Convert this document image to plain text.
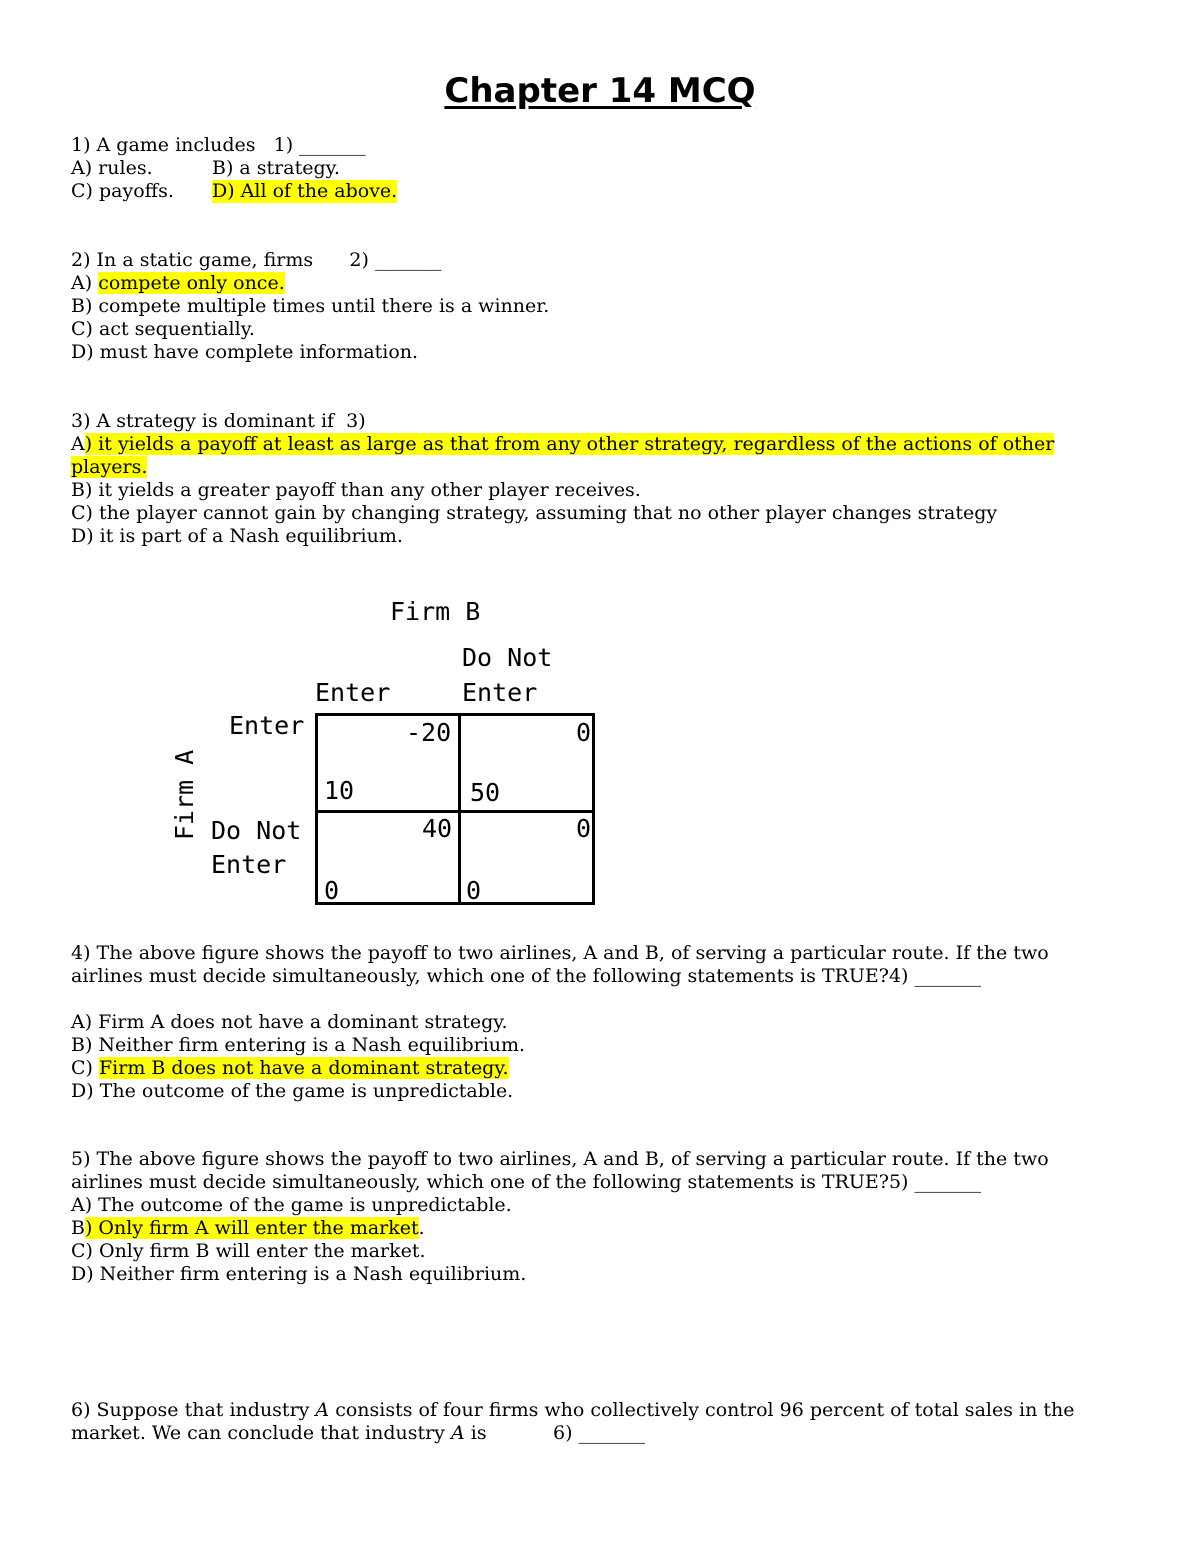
Chapter 14 MCQ
1) A game includes   1) _______
A) rules.	B) a strategy.
C) payoffs. D) All of the above.
2) In a static game, firms      2) _______
A) compete only once.
B) compete multiple times until there is a winner.
C) act sequentially.
D) must have complete information.
3) A strategy is dominant if  3)
A) it yields a payoff at least as large as that from any other strategy, regardless of the actions of other players.
B) it yields a greater payoff than any other player receives.
C) the player cannot gain by changing strategy, assuming that no other player changes strategy
D) it is part of a Nash equilibrium.
Firm B
Do Not
Enter	Enter
Enter
Do Not
Enter
Firm A
-20
10
0
50
40
0
0
0
4) The above figure shows the payoff to two airlines, A and B, of serving a particular route. If the two airlines must decide simultaneously, which one of the following statements is TRUE?4) _______
A) Firm A does not have a dominant strategy.
B) Neither firm entering is a Nash equilibrium.
C) Firm B does not have a dominant strategy.
D) The outcome of the game is unpredictable.
5) The above figure shows the payoff to two airlines, A and B, of serving a particular route. If the two airlines must decide simultaneously, which one of the following statements is TRUE?5) _______
A) The outcome of the game is unpredictable.
B) Only firm A will enter the market.
C) Only firm B will enter the market.
D) Neither firm entering is a Nash equilibrium.
6) Suppose that industry A consists of four firms who collectively control 96 percent of total sales in the market. We can conclude that industry A is           6) _______
